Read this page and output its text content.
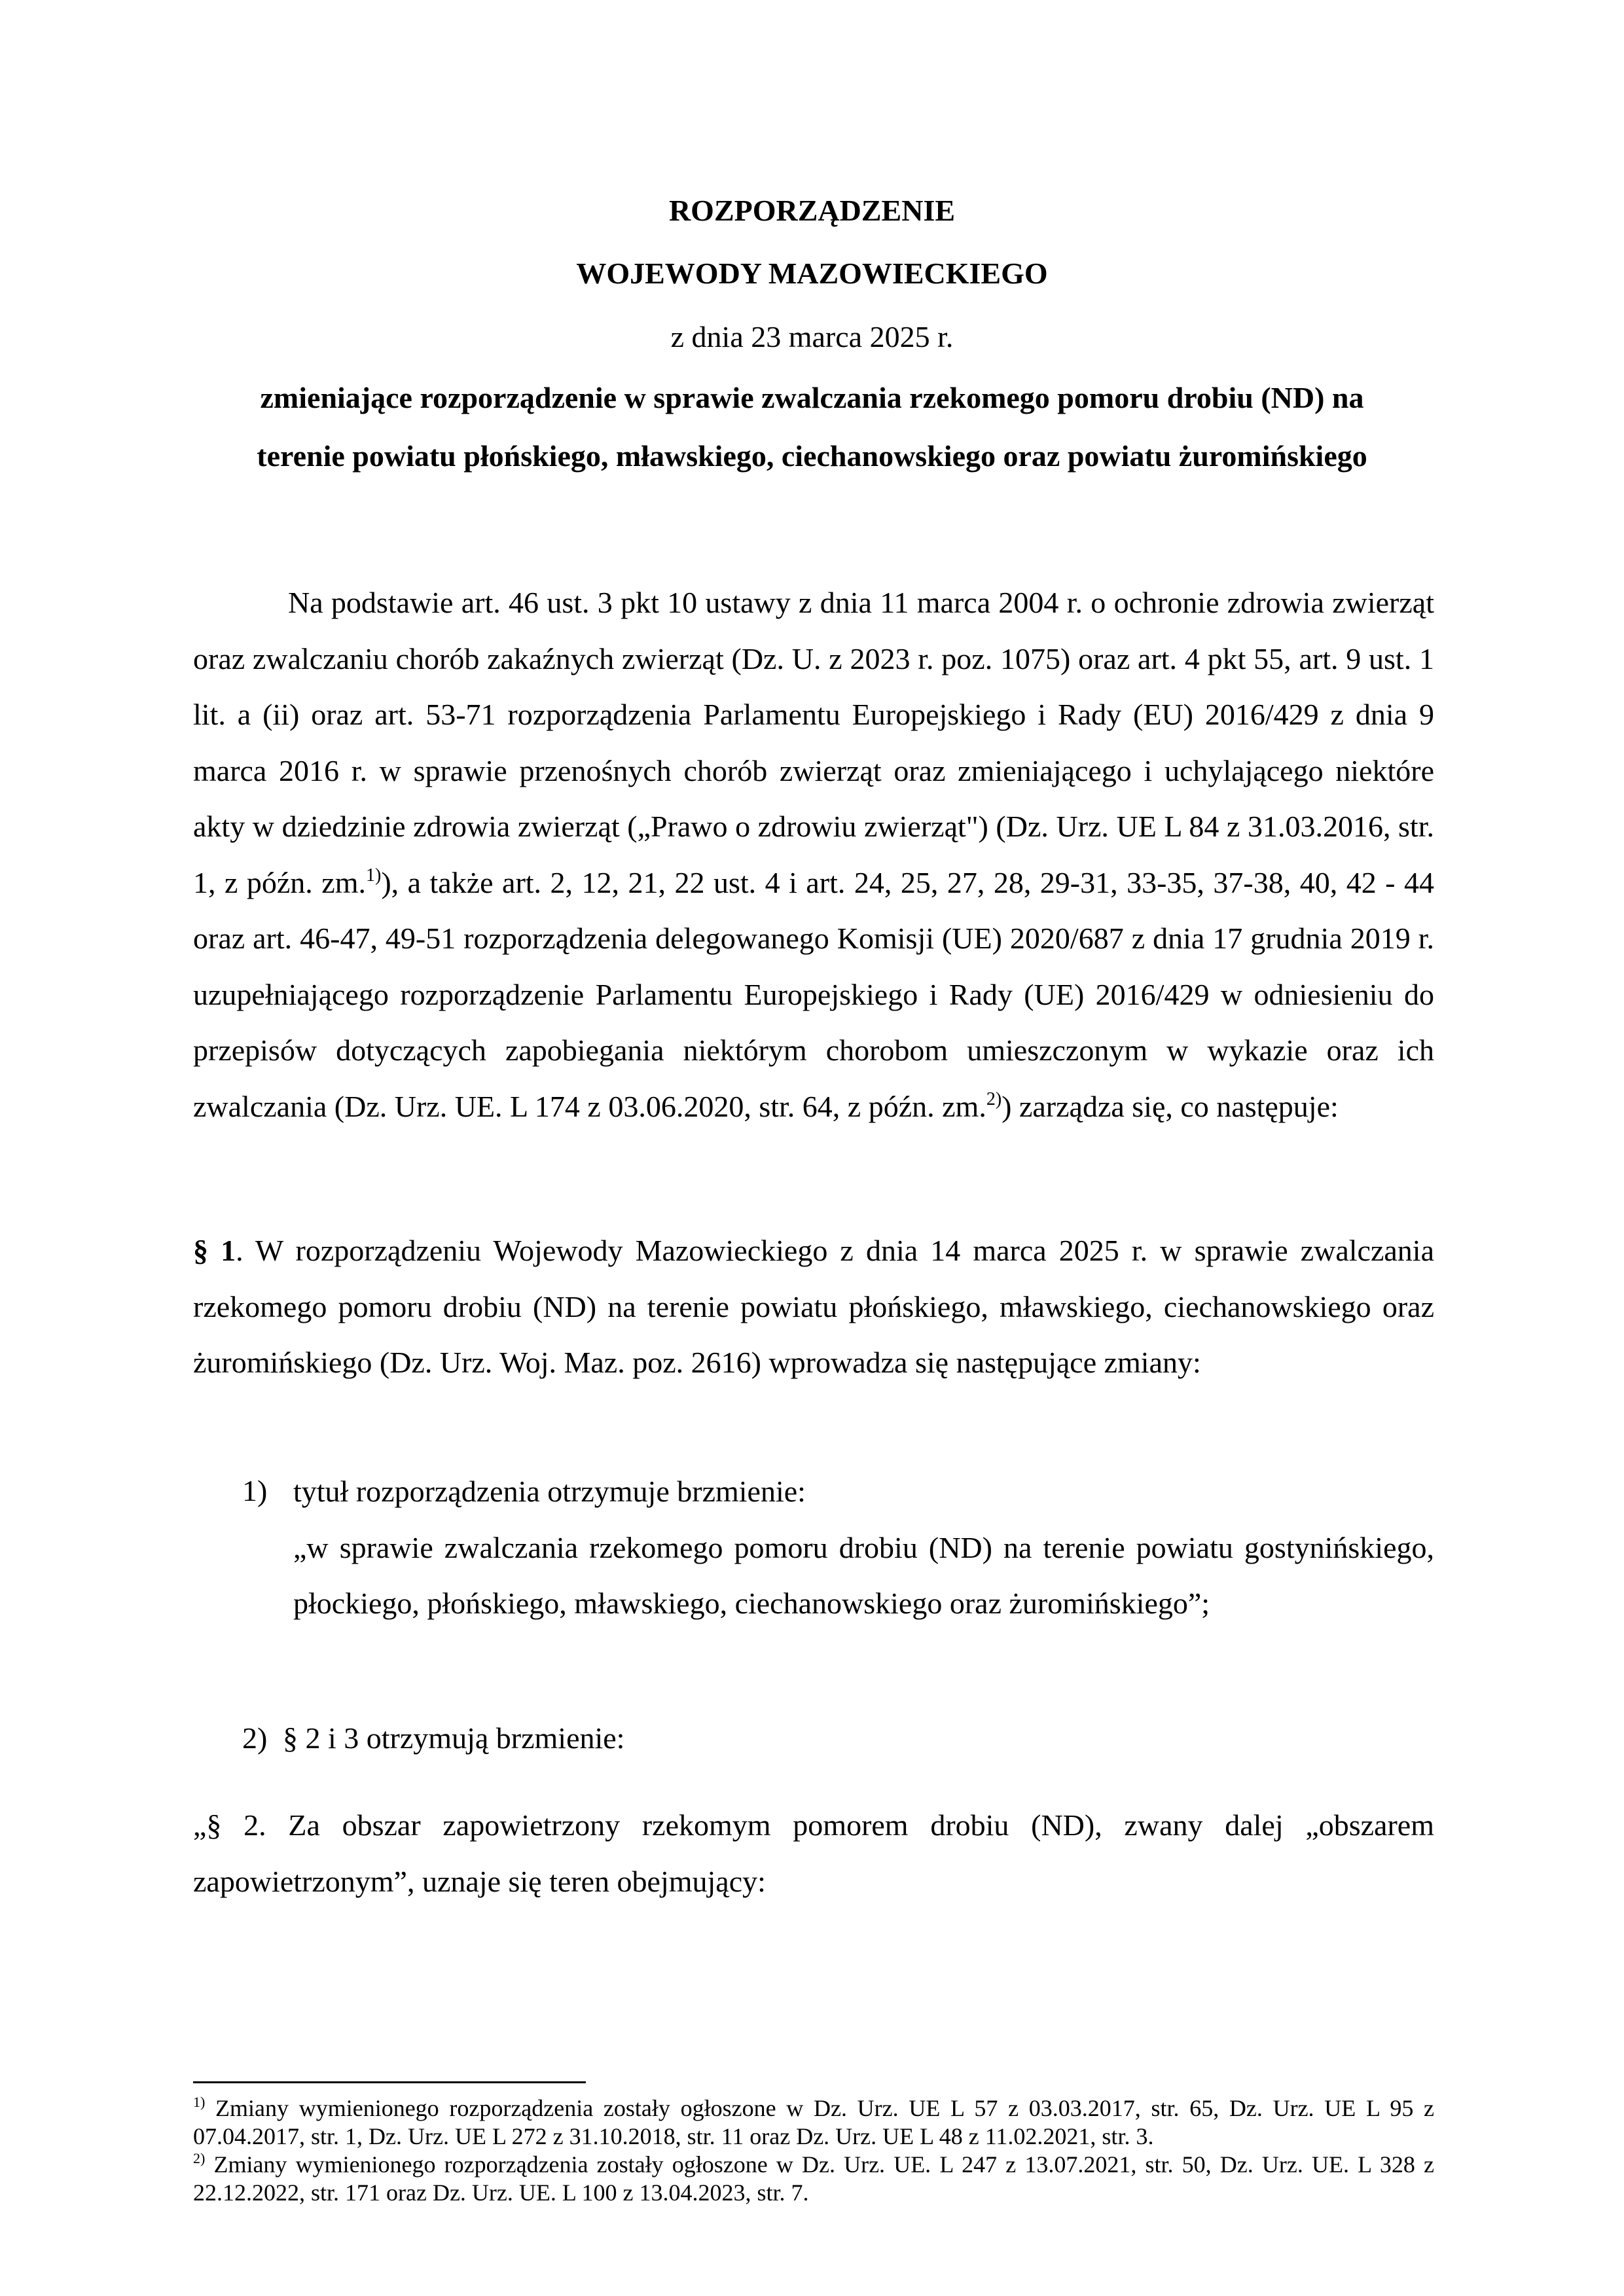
ROZPORZĄDZENIE
WOJEWODY MAZOWIECKIEGO
z dnia 23 marca 2025 r.
zmieniające rozporządzenie w sprawie zwalczania rzekomego pomoru drobiu (ND) na
terenie powiatu płońskiego, mławskiego, ciechanowskiego oraz powiatu żuromińskiego
Na podstawie art. 46 ust. 3 pkt 10 ustawy z dnia 11 marca 2004 r. o ochronie zdrowia zwierząt oraz zwalczaniu chorób zakaźnych zwierząt (Dz. U. z 2023 r. poz. 1075) oraz art. 4 pkt 55, art. 9 ust. 1 lit. a (ii) oraz art. 53-71 rozporządzenia Parlamentu Europejskiego i Rady (EU) 2016/429 z dnia 9 marca 2016 r. w sprawie przenośnych chorób zwierząt oraz zmieniającego i uchylającego niektóre akty w dziedzinie zdrowia zwierząt („Prawo o zdrowiu zwierząt") (Dz. Urz. UE L 84 z 31.03.2016, str. 1, z późn. zm.$^{1)}$), a także art. 2, 12, 21, 22 ust. 4 i art. 24, 25, 27, 28, 29-31, 33-35, 37-38, 40, 42 - 44 oraz art. 46-47, 49-51 rozporządzenia delegowanego Komisji (UE) 2020/687 z dnia 17 grudnia 2019 r. uzupełniającego rozporządzenie Parlamentu Europejskiego i Rady (UE) 2016/429 w odniesieniu do przepisów dotyczących zapobiegania niektórym chorobom umieszczonym w wykazie oraz ich zwalczania (Dz. Urz. UE. L 174 z 03.06.2020, str. 64, z późn. zm.$^{2)}$) zarządza się, co następuje:
§ 1. W rozporządzeniu Wojewody Mazowieckiego z dnia 14 marca 2025 r. w sprawie zwalczania rzekomego pomoru drobiu (ND) na terenie powiatu płońskiego, mławskiego, ciechanowskiego oraz żuromińskiego (Dz. Urz. Woj. Maz. poz. 2616) wprowadza się następujące zmiany:
1) tytuł rozporządzenia otrzymuje brzmienie:
„w sprawie zwalczania rzekomego pomoru drobiu (ND) na terenie powiatu gostynińskiego, płockiego, płońskiego, mławskiego, ciechanowskiego oraz żuromińskiego”;
2) § 2 i 3 otrzymują brzmienie:
„§ 2. Za obszar zapowietrzony rzekomym pomorem drobiu (ND), zwany dalej „obszarem zapowietrzonym”, uznaje się teren obejmujący:
$^{1)}$ Zmiany wymienionego rozporządzenia zostały ogłoszone w Dz. Urz. UE L 57 z 03.03.2017, str. 65, Dz. Urz. UE L 95 z 07.04.2017, str. 1, Dz. Urz. UE L 272 z 31.10.2018, str. 11 oraz Dz. Urz. UE L 48 z 11.02.2021, str. 3.
$^{2)}$ Zmiany wymienionego rozporządzenia zostały ogłoszone w Dz. Urz. UE. L 247 z 13.07.2021, str. 50, Dz. Urz. UE. L 328 z 22.12.2022, str. 171 oraz Dz. Urz. UE. L 100 z 13.04.2023, str. 7.
